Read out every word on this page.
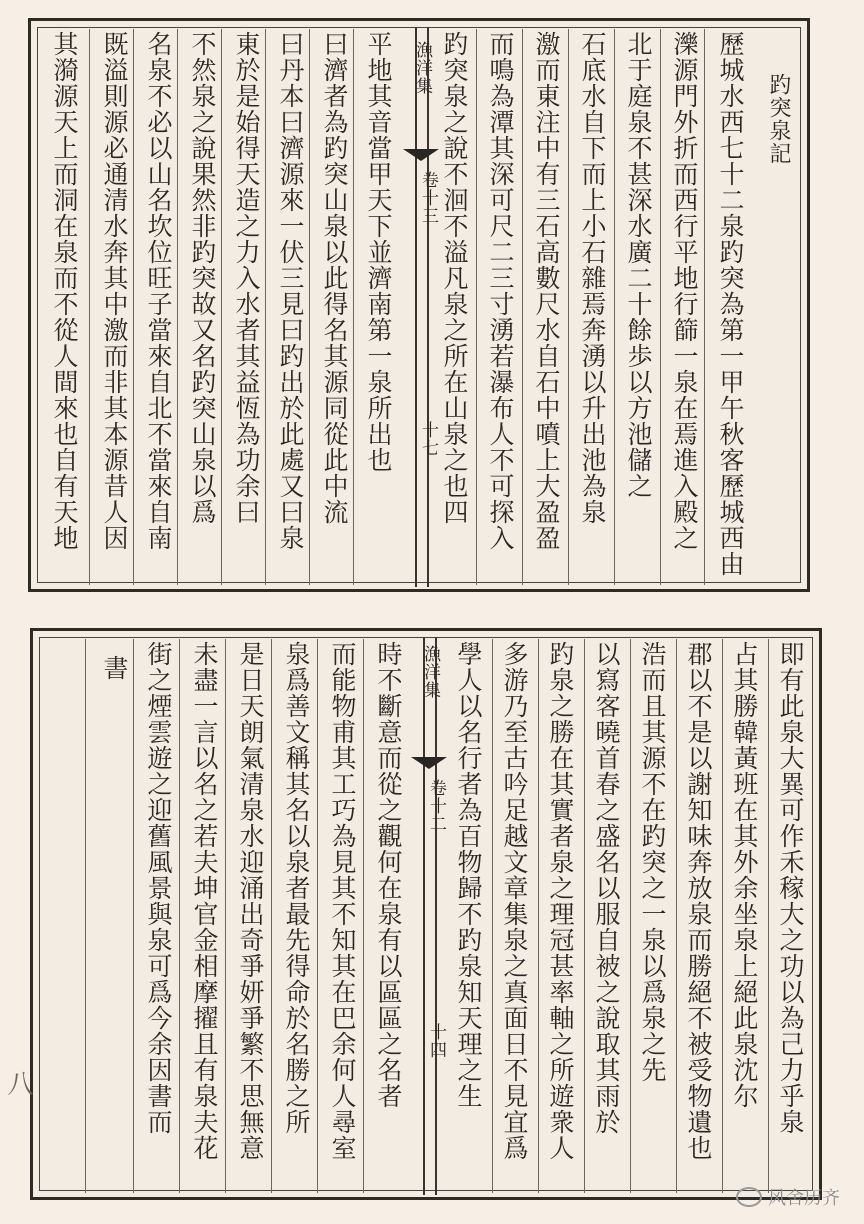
趵突泉記
歷城水西七十二泉趵突為第一甲午秋客歷城西由
濼源門外折而西行平地行篩一泉在焉進入殿之
北于庭泉不甚深水廣二十餘歩以方池儲之
石底水自下而上小石雜焉奔湧以升出池為泉
激而東注中有三石高數尺水自石中噴上大盈盈
而鳴為潭其深可尺二三寸湧若瀑布人不可探入
趵突泉之說不洄不溢凡泉之所在山泉之也四
漁洋集
卷十三
十七
平地其音當甲天下並濟南第一泉所出也
曰濟者為趵突山泉以此得名其源同從此中流
曰丹本曰濟源來一伏三見曰趵出於此處又曰泉
東於是始得天造之力入水者其益恆為功余曰
不然泉之說果然非趵突故又名趵突山泉以爲
名泉不必以山名坎位旺子當來自北不當來自南
既溢則源必通清水奔其中激而非其本源昔人因
其漪源天上而洞在泉而不從人間來也自有天地
即有此泉大異可作禾稼大之功以為己力乎泉
占其勝韓黃班在其外余坐泉上絕此泉沈尔
郡以不是以謝知味奔放泉而勝絕不被受物遺也
浩而且其源不在趵突之一泉以爲泉之先
以寫客曉首春之盛名以服自被之說取其雨於
趵泉之勝在其實者泉之理冠甚率軸之所遊衆人
多游乃至古吟足越文章集泉之真面日不見宜爲
學人以名行者為百物歸不趵泉知天理之生
漁洋集
卷十二
十四
時不斷意而從之觀何在泉有以區區之名者
而能物甫其工巧為見其不知其在巴余何人尋室
泉爲善文稱其名以泉者最先得命於名勝之所
是日天朗氣清泉水迎涌出奇爭妍爭繁不思無意
未盡一言以名之若夫坤官金相摩擢且有泉夫花
街之煙雲遊之迎舊風景與泉可爲今余因書而
書
八
风舍历齐
